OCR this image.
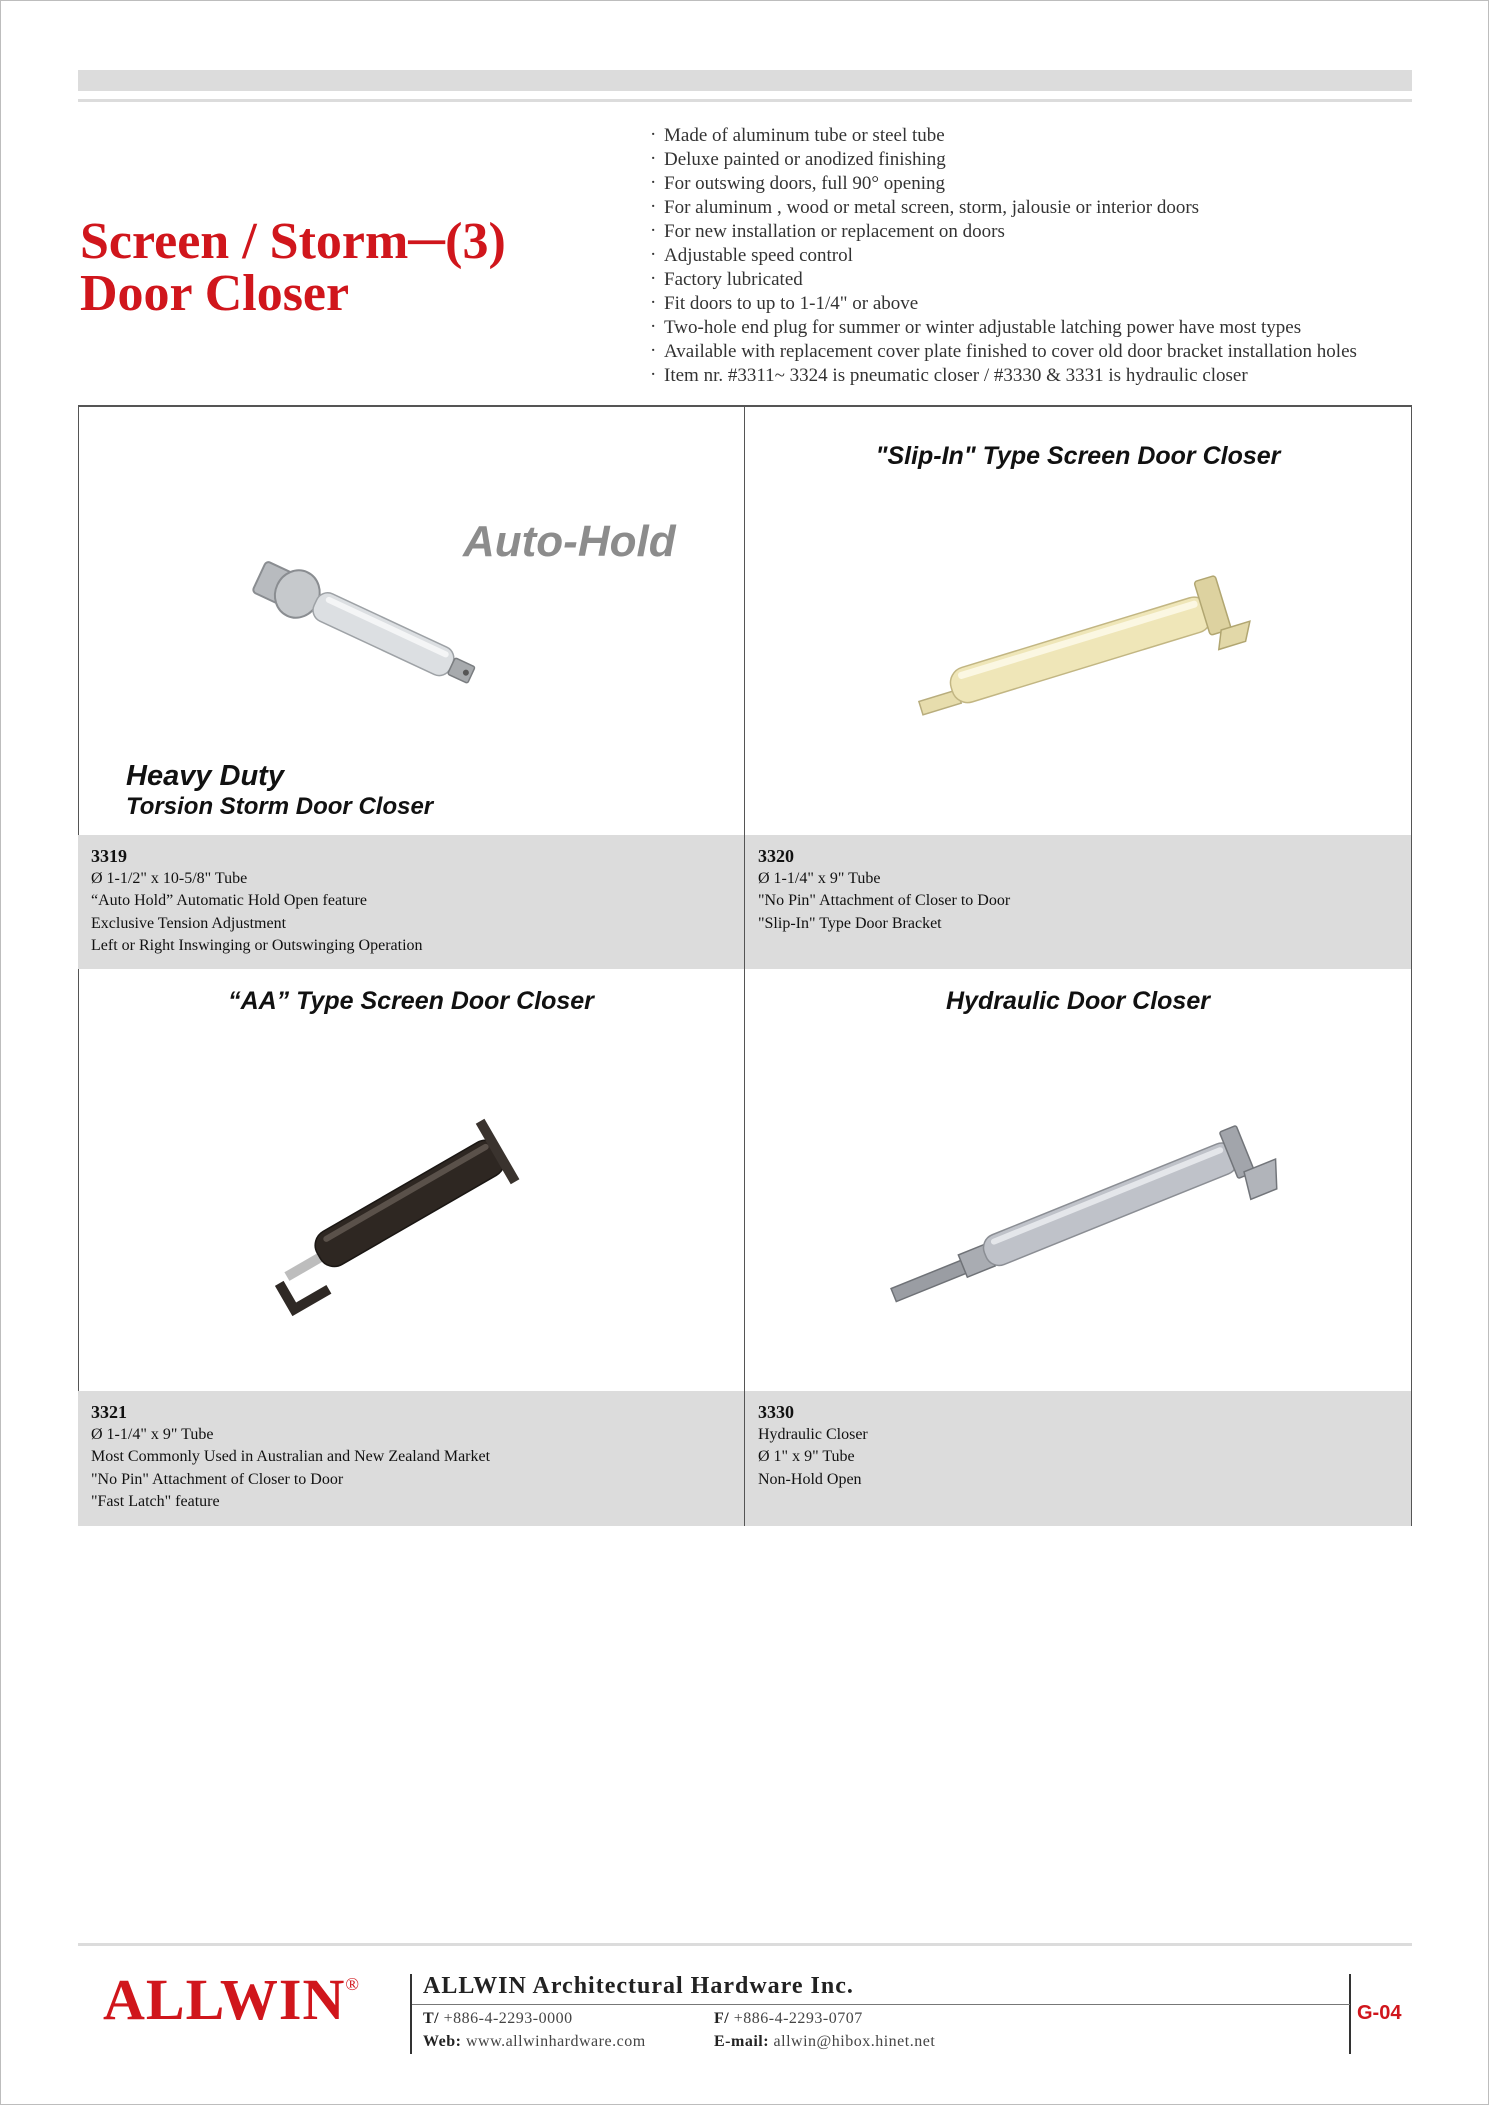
Screen / Storm─(3)
Door Closer
· Made of aluminum tube or steel tube
· Deluxe painted or anodized finishing
· For outswing doors, full 90° opening
· For aluminum , wood or metal screen, storm, jalousie or interior doors
· For new installation or replacement on doors
· Adjustable speed control
· Factory lubricated
· Fit doors to up to 1-1/4" or above
· Two-hole end plug for summer or winter adjustable latching power have most types
· Available with replacement cover plate finished to cover old door bracket installation holes
· Item nr. #3311~ 3324 is pneumatic closer / #3330 & 3331 is hydraulic closer
Auto-Hold
Heavy Duty
Torsion Storm Door Closer
3319
Ø 1-1/2" x 10-5/8" Tube
“Auto Hold” Automatic Hold Open feature
Exclusive Tension Adjustment
Left or Right Inswinging or Outswinging Operation
"Slip-In" Type Screen Door Closer
3320
Ø 1-1/4" x 9" Tube
"No Pin" Attachment of Closer to Door
"Slip-In" Type Door Bracket
“AA” Type Screen Door Closer
3321
Ø 1-1/4" x 9" Tube
Most Commonly Used in Australian and New Zealand Market
"No Pin" Attachment of Closer to Door
"Fast Latch" feature
Hydraulic Door Closer
3330
Hydraulic Closer
Ø 1" x 9" Tube
Non-Hold Open
ALLWIN®	ALLWIN Architectural Hardware Inc.
T/ +886-4-2293-0000	F/ +886-4-2293-0707
Web: www.allwinhardware.com	E-mail: allwin@hibox.hinet.net
G-04
